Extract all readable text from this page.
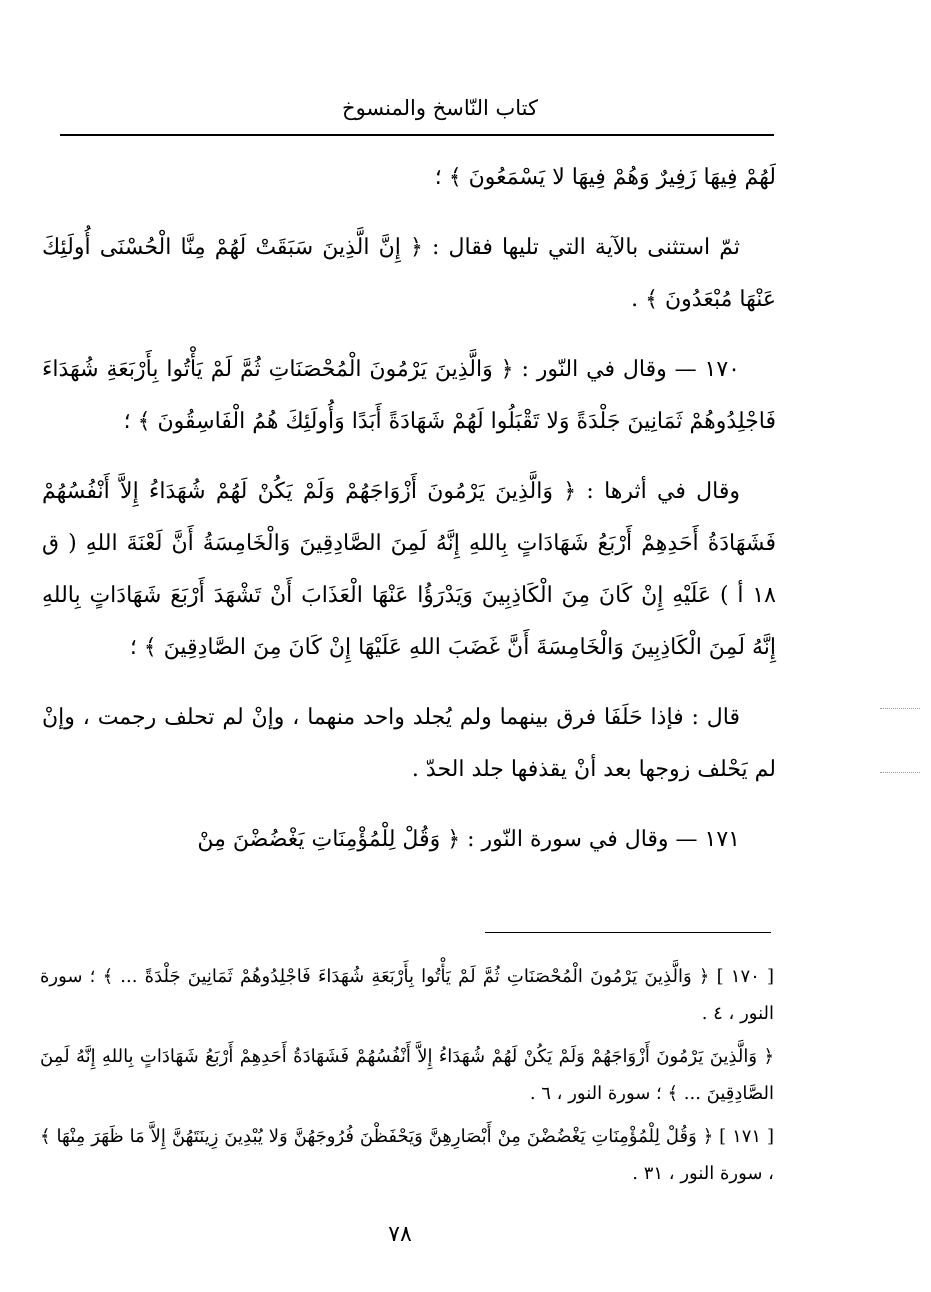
كتاب النّاسخ والمنسوخ

لَهُمْ فِيهَا زَفِيرٌ وَهُمْ فِيهَا لا يَسْمَعُونَ ﴾ ؛

ثمّ استثنى بالآية التي تليها فقال : ﴿ إِنَّ الَّذِينَ سَبَقَتْ لَهُمْ مِنَّا الْحُسْنَى أُولَئِكَ عَنْهَا مُبْعَدُونَ ﴾ .

١٧٠ — وقال في النّور : ﴿ وَالَّذِينَ يَرْمُونَ الْمُحْصَنَاتِ ثُمَّ لَمْ يَأْتُوا بِأَرْبَعَةِ شُهَدَاءَ فَاجْلِدُوهُمْ ثَمَانِينَ جَلْدَةً وَلا تَقْبَلُوا لَهُمْ شَهَادَةً أَبَدًا وَأُولَئِكَ هُمُ الْفَاسِقُونَ ﴾ ؛

وقال في أثرها : ﴿ وَالَّذِينَ يَرْمُونَ أَزْوَاجَهُمْ وَلَمْ يَكُنْ لَهُمْ شُهَدَاءُ إِلاَّ أَنْفُسُهُمْ فَشَهَادَةُ أَحَدِهِمْ أَرْبَعُ شَهَادَاتٍ بِاللهِ إِنَّهُ لَمِنَ الصَّادِقِينَ وَالْخَامِسَةُ أَنَّ لَعْنَةَ اللهِ ( ق ١٨ أ ) عَلَيْهِ إِنْ كَانَ مِنَ الْكَاذِبِينَ وَيَدْرَؤُا عَنْهَا الْعَذَابَ أَنْ تَشْهَدَ أَرْبَعَ شَهَادَاتٍ بِاللهِ إِنَّهُ لَمِنَ الْكَاذِبِينَ وَالْخَامِسَةَ أَنَّ غَضَبَ اللهِ عَلَيْهَا إِنْ كَانَ مِنَ الصَّادِقِينَ ﴾ ؛

قال : فإذا حَلَفَا فرق بينهما ولم يُجلد واحد منهما ، وإنْ لم تحلف رجمت ، وإنْ لم يَحْلف زوجها بعد أنْ يقذفها جلد الحدّ .

١٧١ — وقال في سورة النّور : ﴿ وَقُلْ لِلْمُؤْمِنَاتِ يَغْضُضْنَ مِنْ

[ ١٧٠ ] ﴿ وَالَّذِينَ يَرْمُونَ الْمُحْصَنَاتِ ثُمَّ لَمْ يَأْتُوا بِأَرْبَعَةِ شُهَدَاءَ فَاجْلِدُوهُمْ ثَمَانِينَ جَلْدَةً ... ﴾ ؛ سورة النور ، ٤ .

﴿ وَالَّذِينَ يَرْمُونَ أَزْوَاجَهُمْ وَلَمْ يَكُنْ لَهُمْ شُهَدَاءُ إِلاَّ أَنْفُسُهُمْ فَشَهَادَةُ أَحَدِهِمْ أَرْبَعُ شَهَادَاتٍ بِاللهِ إِنَّهُ لَمِنَ الصَّادِقِينَ ... ﴾ ؛ سورة النور ، ٦ .

[ ١٧١ ] ﴿ وَقُلْ لِلْمُؤْمِنَاتِ يَغْضُضْنَ مِنْ أَبْصَارِهِنَّ وَيَحْفَظْنَ فُرُوجَهُنَّ وَلا يُبْدِينَ زِينَتَهُنَّ إِلاَّ مَا ظَهَرَ مِنْهَا ﴾ ، سورة النور ، ٣١ .

٧٨
